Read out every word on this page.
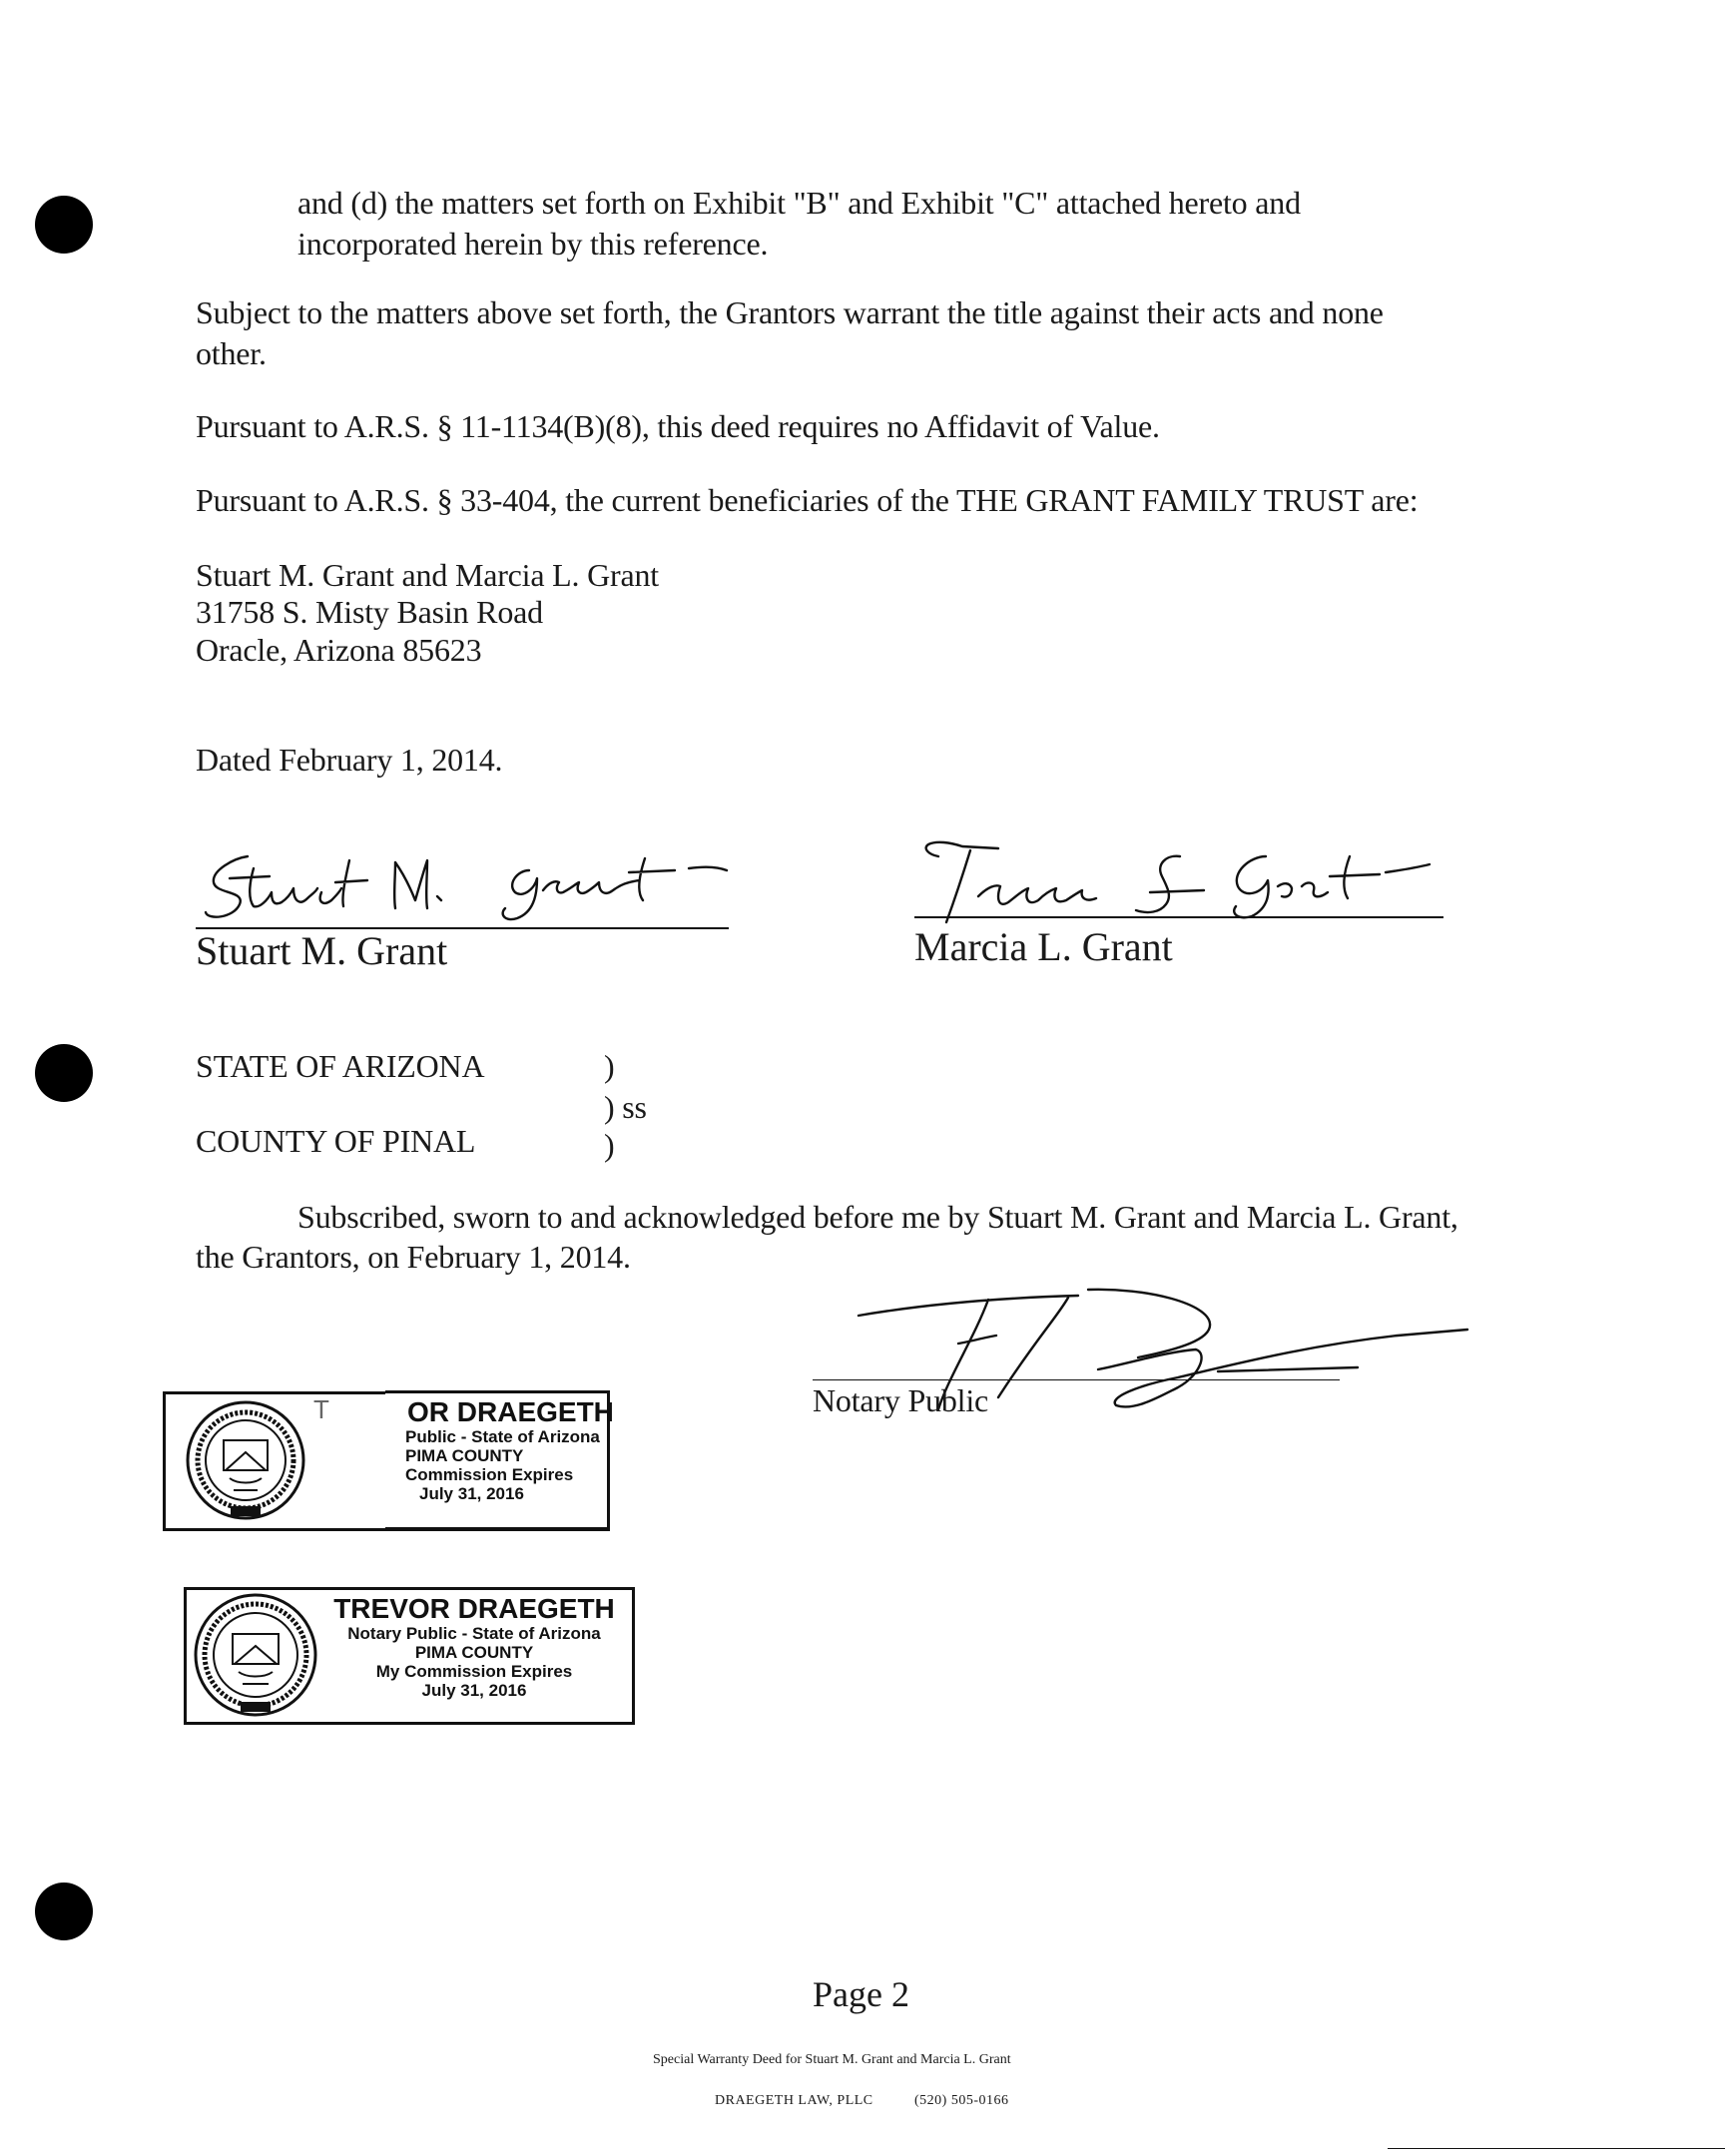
and (d) the matters set forth on Exhibit "B" and Exhibit "C" attached hereto and
incorporated herein by this reference.
Subject to the matters above set forth, the Grantors warrant the title against their acts and none
other.
Pursuant to A.R.S. § 11-1134(B)(8), this deed requires no Affidavit of Value.
Pursuant to A.R.S. § 33-404, the current beneficiaries of the THE GRANT FAMILY TRUST are:
Stuart M. Grant and Marcia L. Grant
31758 S. Misty Basin Road
Oracle, Arizona 85623
Dated February 1, 2014.
Stuart M. Grant	Marcia L. Grant
STATE OF ARIZONA	)
) ss
COUNTY OF PINAL	)
Subscribed, sworn to and acknowledged before me by Stuart M. Grant and Marcia L. Grant,
the Grantors, on February 1, 2014.
Notary Public
T	OR DRAEGETH
Public - State of Arizona
PIMA COUNTY
Commission Expires
July 31, 2016
TREVOR DRAEGETH
Notary Public - State of Arizona
PIMA COUNTY
My Commission Expires
July 31, 2016
Page 2
Special Warranty Deed for Stuart M. Grant and Marcia L. Grant
DRAEGETH LAW, PLLC	(520) 505-0166
